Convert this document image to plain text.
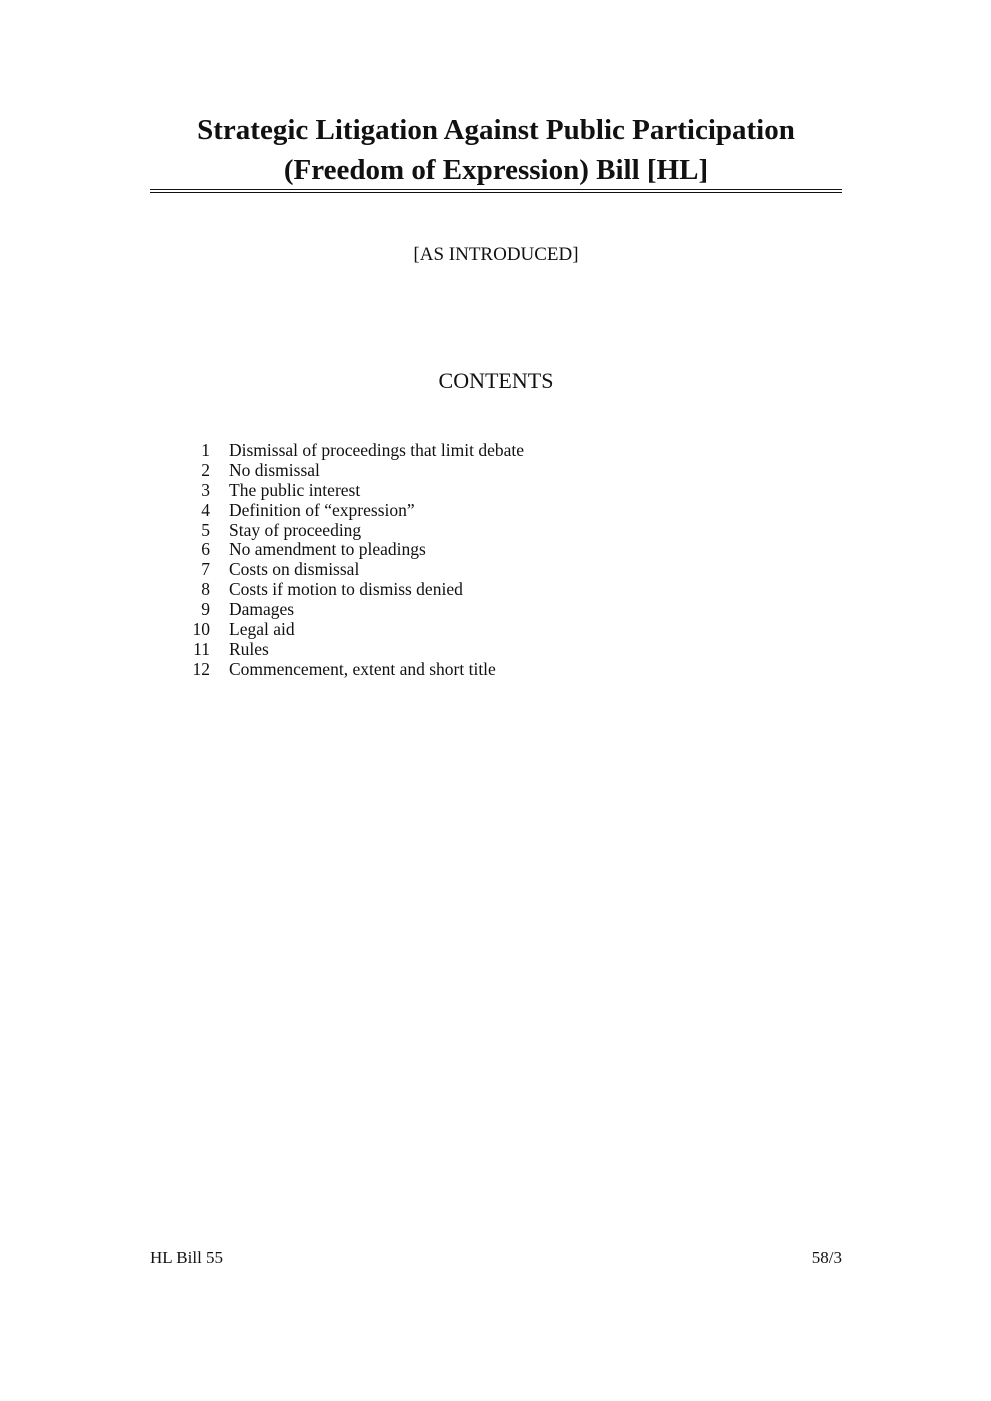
Strategic Litigation Against Public Participation
(Freedom of Expression) Bill [HL]
[AS INTRODUCED]
CONTENTS
1 Dismissal of proceedings that limit debate
2 No dismissal
3 The public interest
4 Definition of “expression”
5 Stay of proceeding
6 No amendment to pleadings
7 Costs on dismissal
8 Costs if motion to dismiss denied
9 Damages
10 Legal aid
11 Rules
12 Commencement, extent and short title
HL Bill 55	58/3
